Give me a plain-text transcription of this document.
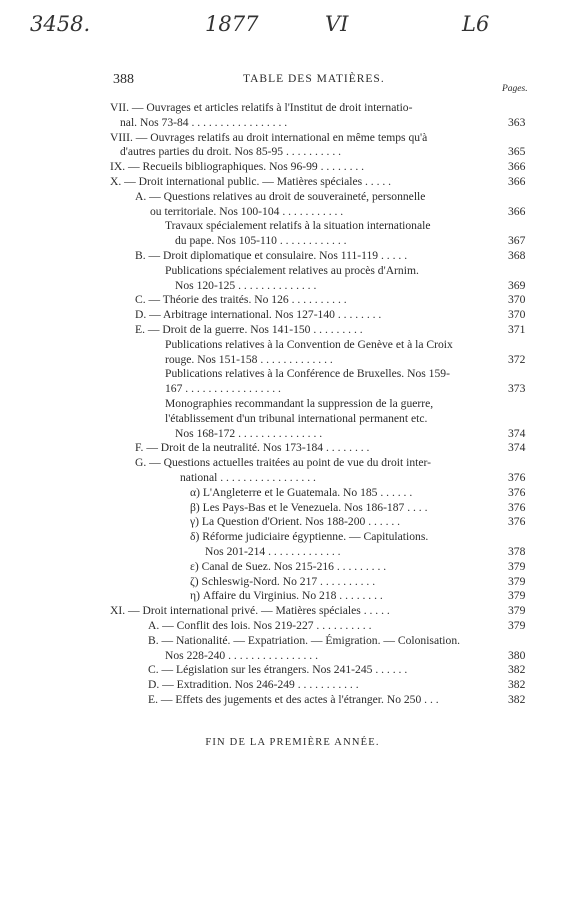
3458.	1877	VI	L6
388	TABLE DES MATIÈRES.
Pages.
VII. — Ouvrages et articles relatifs à l'Institut de droit internatio-
nal. Nos 73-84 . . . . . . . . . . . . . . . . .	363
VIII. — Ouvrages relatifs au droit international en même temps qu'à
d'autres parties du droit. Nos 85-95 . . . . . . . . . .	365
IX. — Recueils bibliographiques. Nos 96-99 . . . . . . . .	366
X. — Droit international public. — Matières spéciales . . . . .	366
A. — Questions relatives au droit de souveraineté, personnelle
ou territoriale. Nos 100-104 . . . . . . . . . . .	366
Travaux spécialement relatifs à la situation internationale
du pape. Nos 105-110 . . . . . . . . . . . .	367
B. — Droit diplomatique et consulaire. Nos 111-119 . . . . .	368
Publications spécialement relatives au procès d'Arnim.
Nos 120-125 . . . . . . . . . . . . . .	369
C. — Théorie des traités. No 126 . . . . . . . . . .	370
D. — Arbitrage international. Nos 127-140 . . . . . . . .	370
E. — Droit de la guerre. Nos 141-150 . . . . . . . . .	371
Publications relatives à la Convention de Genève et à la Croix
rouge. Nos 151-158 . . . . . . . . . . . . .	372
Publications relatives à la Conférence de Bruxelles. Nos 159-
167 . . . . . . . . . . . . . . . . .	373
Monographies recommandant la suppression de la guerre,
l'établissement d'un tribunal international permanent etc.
Nos 168-172 . . . . . . . . . . . . . . .	374
F. — Droit de la neutralité. Nos 173-184 . . . . . . . .	374
G. — Questions actuelles traitées au point de vue du droit inter-
national . . . . . . . . . . . . . . . . .	376
α) L'Angleterre et le Guatemala. No 185 . . . . . .	376
β) Les Pays-Bas et le Venezuela. Nos 186-187 . . . .	376
γ) La Question d'Orient. Nos 188-200 . . . . . .	376
δ) Réforme judiciaire égyptienne. — Capitulations.
Nos 201-214 . . . . . . . . . . . . .	378
ε) Canal de Suez. Nos 215-216 . . . . . . . . .	379
ζ) Schleswig-Nord. No 217 . . . . . . . . . .	379
η) Affaire du Virginius. No 218 . . . . . . . .	379
XI. — Droit international privé. — Matières spéciales . . . . .	379
A. — Conflit des lois. Nos 219-227 . . . . . . . . . .	379
B. — Nationalité. — Expatriation. — Émigration. — Colonisation.
Nos 228-240 . . . . . . . . . . . . . . . .	380
C. — Législation sur les étrangers. Nos 241-245 . . . . . .	382
D. — Extradition. Nos 246-249 . . . . . . . . . . .	382
E. — Effets des jugements et des actes à l'étranger. No 250 . . .	382
FIN DE LA PREMIÈRE ANNÉE.
